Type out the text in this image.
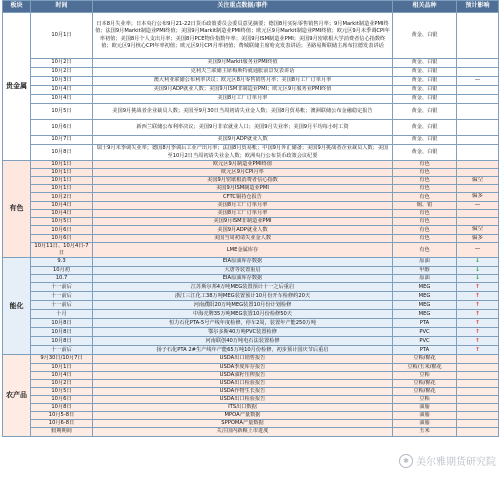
板块	时间	关注重点数据/事件	相关品种	预计影响
贵金属	10月1日	日本8月失业率；日本央行公布9月21-22日货币政策委员会委员意见摘要；德国8月实际零售销售月率；9月Markit制造业PMI终值；法国9月Markit制造业PMI终值；美国9月Markit制造业PMI终值；欧元区9月Markit制造业PMI终值；欧元区9月未季调CPI年率初值；美国8月个人支出月率；美国8月PCE物价指数年率；美国9月ISM制造业PMI；美国9月密歇根大学消费者信心指数终值；欧元区9月核心CPI年率初值；欧元区9月CPI月率初值；费城联储主席哈克发表讲话；圣路易斯联储主席布拉德发表讲话	黄金、白银	
	10月2日	美国9月Markit服务业PMI终值	黄金、白银	
	10月2日	克利夫兰联储主席梅斯特就通胀前景发表讲话	黄金、白银	
	10月3日	澳大利亚联储公布利率决议；欧元区8月零售销售月率；美国8月工厂订单月率	黄金、白银	—
	10月4日	美国9月ADP就业人数；美国9月ISM非制造业PMI；欧元区9月服务业PMI终值	黄金、白银	
	10月4日	美国8月工厂订单月率	黄金、白银	
	10月5日	美国9月挑战者企业裁员人数；美国至9月30日当周初请失业金人数；美国8月贸易帐；澳洲联储公布金融稳定报告	黄金、白银	
	10月6日	新西兰联储公布利率决议；美国9月非农就业人口；美国9月失业率；美国9月平均每小时工资	黄金、白银	
	10月7日	美国9月ADP就业人数	黄金、白银	
	10月8日	瑞士9月未季调失业率；德国8月季调后工业产出月率；法国8月贸易帐；中国9月外汇储备；美国9月挑战者企业裁员人数；美国至10月2日当周初请失业金人数；欧洲央行公布货币政策会议纪要	黄金、白银	
有色	10月1日	欧元区9月制造业PMI终值	有色	
	10月1日	欧元区9月CPI月率	有色	
	10月1日	美国9月密歇根消费者信心指数	有色	偏空
	10月1日	美国9月ISM制造业PMI	有色	
	10月2日	CFTC铜持仓报告	有色	偏多
	10月4日	美国8月工厂订单月率	铜、铝	—
	10月4日	美国8月工厂订单月率	有色	
	10月5日	美国9月ISM非制造业PMI	有色	
	10月6日	美国9月ADP就业人数	有色	偏空
	10月6日	美国当周初请失业金人数	有色	偏多
	10月11日、10月4日-7日	LME金属库存	有色	—
能化	9.3	EIA原油库存数据	原油	↓
	10月初	大唐等装置重启	甲醇	↓
	10.7	EIA原油库存数据	原油	↓
	十一前后	江苏斯尔邦4万吨MEG装置预计十一之后重启	MEG	↑
	十一前后	浙江三江化工38万吨MEG装置预计10月份开车检修约20天	MEG	↑
	十一前后	河南濮阳20万吨MEG装置10月份计划检修	MEG	↑
	十月	中海壳牌35万吨MEG装置10月份检修50天	MEG	↑
	10月8日	恒力石化PTA-5号产线年度检修，停车2周，装置年产能250万吨	PTA	↑
	10月8日	鄂尔多斯40万吨PVC装置检修	PVC	↑
	10月8日	河南联创40万吨电石法装置检修	PVC	↑
	十一前后	扬子石化PTA 2#生产线年产能65万吨10月份检修，初步预计国庆节后重启	PTA	↑
农产品	9月30日/10月7日	USDA出口销售报告	豆粕/棉花	
	10月1日	USDA季度库存报告	豆粕/玉米/棉花	
	10月4日	USDA油籽压榨报告	豆粕	
	10月2日	USDA出口检验报告	豆粕/棉花	
	10月5日	USDA作物生长报告	豆粕/棉花	
	10月6日	USDA出口检验报告	豆粕	
	10月8日	ITS出口数据	油脂	
	10月5-8日	MPOA产量数据	油脂	
	10月6-8日	SPPOMA产量数据	油脂	
	假期期间	关注国内新粮上市进度	玉米	
✱ 美尔雅期货研究院
